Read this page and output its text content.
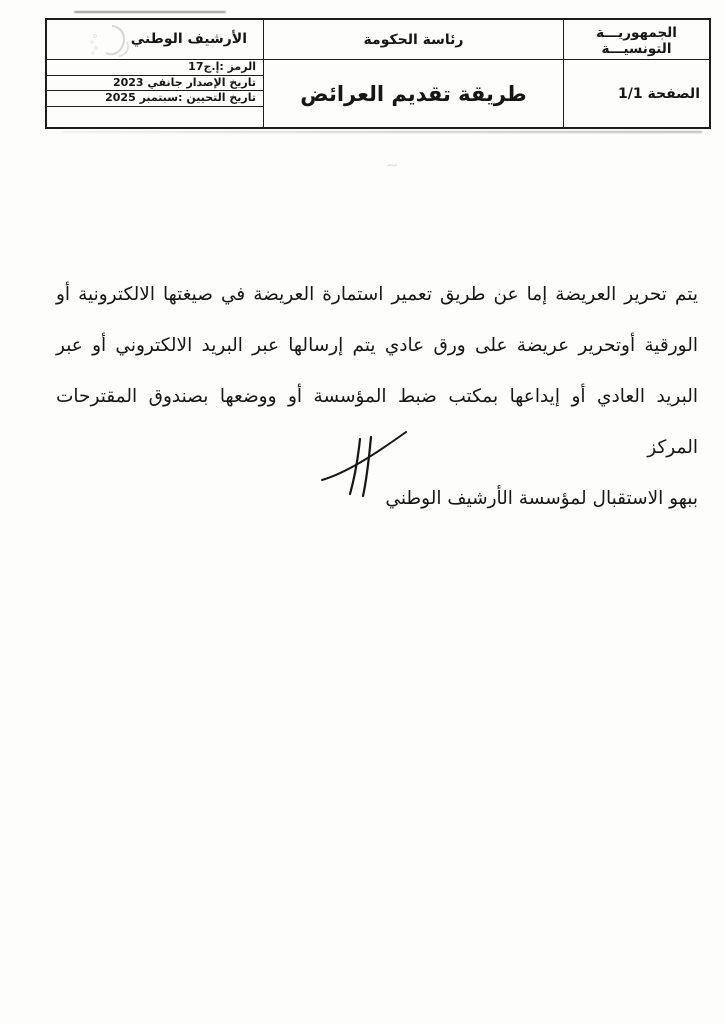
الجمهوريـــة
التونسيـــة
الصفحة 1/1
رئاسة الحكومة
طريقة تقديم العرائض
الأرشيف الوطني
الرمز :إ.ج17
تاريخ الإصدار جانفي 2023
تاريخ التحيين :سبتمبر 2025
~
يتم تحرير العريضة إما عن طريق تعمير استمارة العريضة في صيغتها الالكترونية أو
الورقية أوتحرير عريضة على ورق عادي يتم إرسالها عبر البريد الالكتروني أو عبر
البريد العادي أو إيداعها بمكتب ضبط المؤسسة أو ووضعها بصندوق المقترحات المركز
ببهو الاستقبال لمؤسسة الأرشيف الوطني
